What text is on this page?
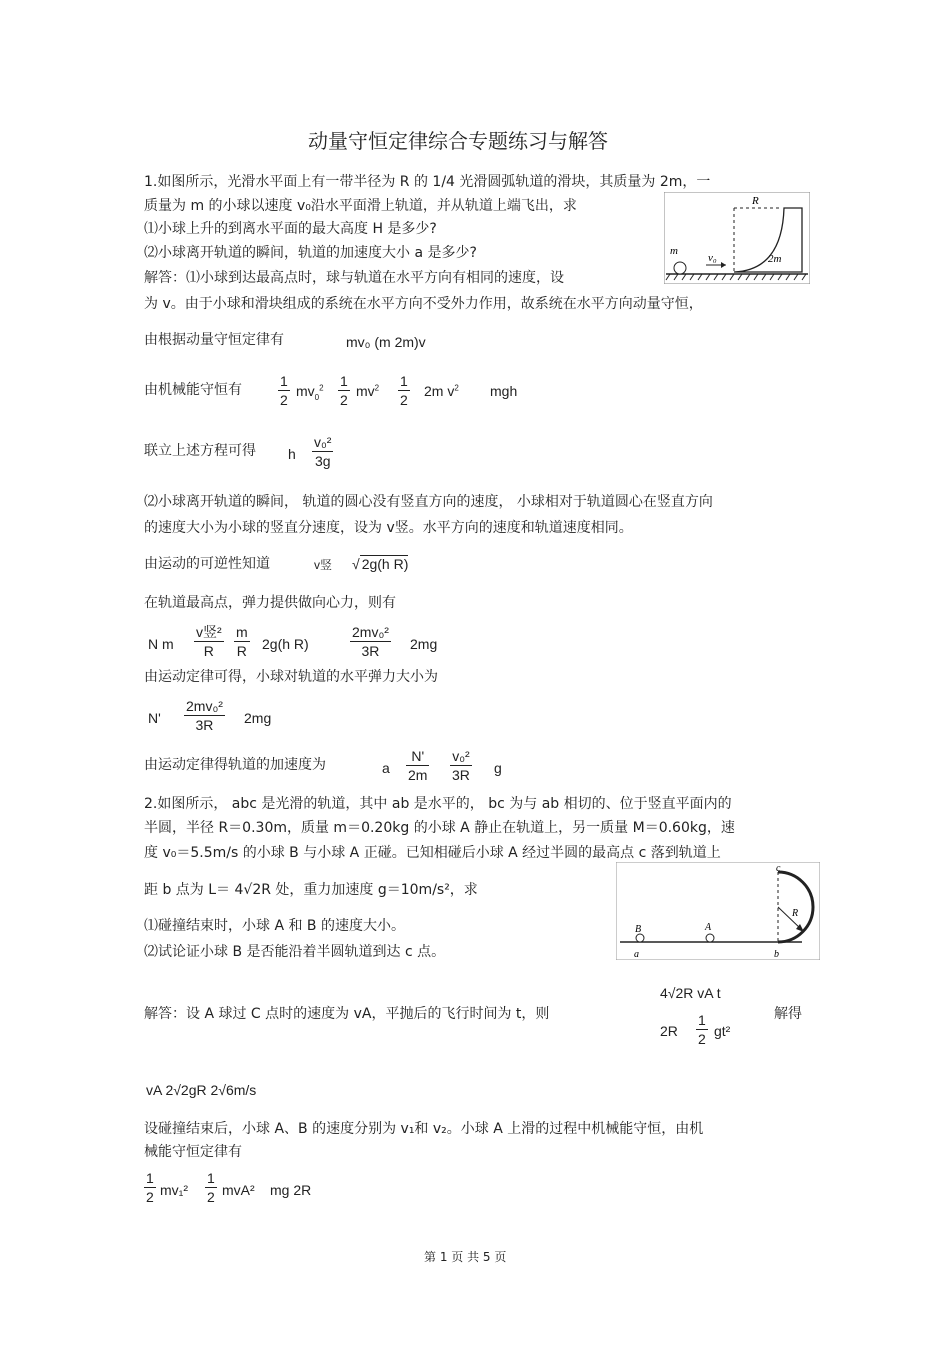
动量守恒定律综合专题练习与解答
1.如图所示，光滑水平面上有一带半径为 R 的 1/4 光滑圆弧轨道的滑块，其质量为 2m，一
质量为 m 的小球以速度 v₀沿水平面滑上轨道，并从轨道上端飞出，求
⑴小球上升的到离水平面的最大高度 H 是多少?
⑵小球离开轨道的瞬间，轨道的加速度大小 a 是多少?
解答：⑴小球到达最高点时，球与轨道在水平方向有相同的速度，设
为 v。由于小球和滑块组成的系统在水平方向不受外力作用，故系统在水平方向动量守恒，
R
m
v₀	2m
由根据动量守恒定律有	mv₀ (m 2m)v
由机械能守恒有	$\frac{1}{2} mv_0^2 \frac{1}{2} mv^2 \frac{1}{2} 2m$ $v^2$ mgh
联立上述方程可得 h $\frac{\text{v₀²}}{3g}$
⑵小球离开轨道的瞬间， 轨道的圆心没有竖直方向的速度， 小球相对于轨道圆心在竖直方向
的速度大小为小球的竖直分速度，设为 v竖。水平方向的速度和轨道速度相同。
由运动的可逆性知道	v竖 √ 2g(h R)
在轨道最高点，弹力提供做向心力，则有
N m
v竖²
R	$\frac{m}{R} 2g(h$ R)	$\frac{\text{2mv₀²}}{3R} 2mg$
由运动定律可得，小球对轨道的水平弹力大小为
$N' \frac{\text{2mv₀²}}{3R} 2mg$
由运动定律得轨道的加速度为	a $\frac{N'}{2m} \frac{\text{v₀²}}{3R}$ g
2.如图所示， abc 是光滑的轨道，其中 ab 是水平的， bc 为与 ab 相切的、位于竖直平面内的
半圆，半径 R＝0.30m，质量 m＝0.20kg 的小球 A 静止在轨道上，另一质量 M＝0.60kg，速
度 v₀＝5.5m/s 的小球 B 与小球 A 正碰。已知相碰后小球 A 经过半圆的最高点 c 落到轨道上
距 b 点为 L＝ 4√2R 处，重力加速度 g＝10m/s²，求
⑴碰撞结束时，小球 A 和 B 的速度大小。
⑵试论证小球 B 是否能沿着半圆轨道到达 c 点。	a	b
c
B	A
R
解答：设 A 球过 C 点时的速度为 vA，平抛后的飞行时间为 t，则
4√2R vA t
$2R \frac{1}{2} gt^2$
解得
vA 2√2gR 2√6m/s
设碰撞结束后，小球 A、B 的速度分别为 v₁和 v₂。小球 A 上滑的过程中机械能守恒，由机
械能守恒定律有
$\frac{1}{2} mv_1^2 \frac{1}{2} mvA^2$ mg 2R
第 1 页 共 5 页
